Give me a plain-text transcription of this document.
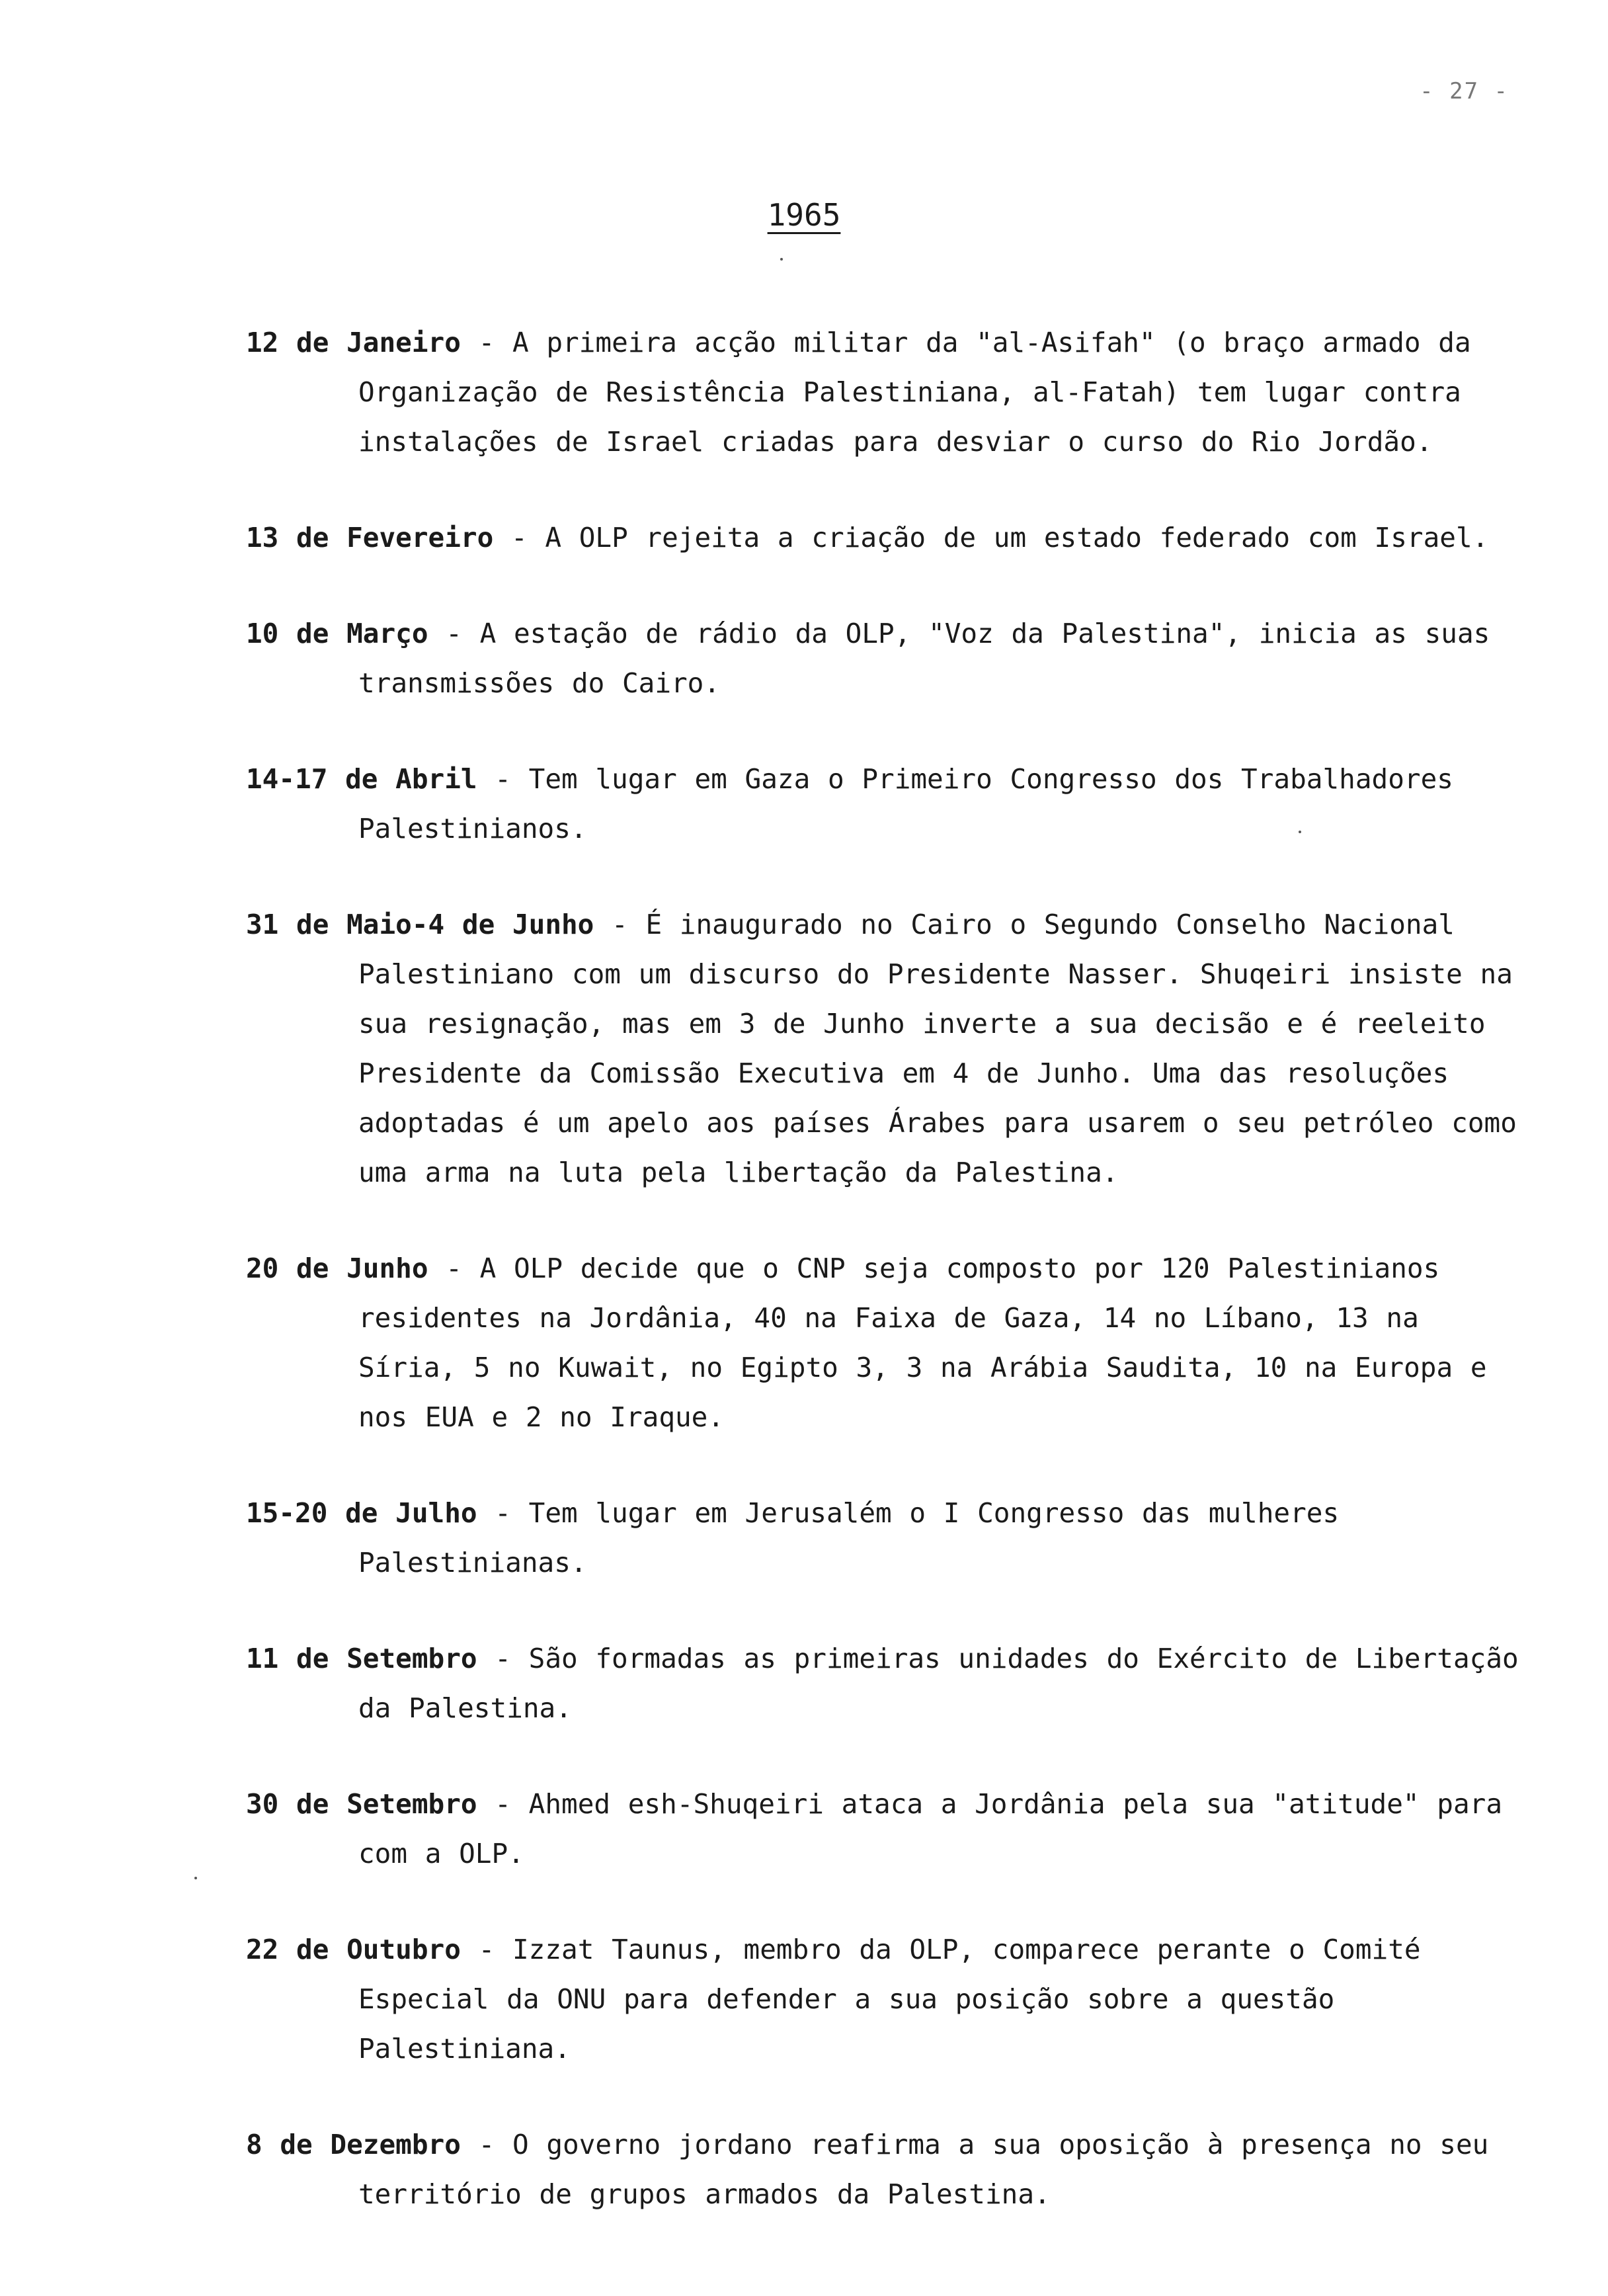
- 27 -
1965

12 de Janeiro - A primeira acção militar da "al-Asifah" (o braço armado da Organização de Resistência Palestiniana, al-Fatah) tem lugar contra instalações de Israel criadas para desviar o curso do Rio Jordão.

13 de Fevereiro - A OLP rejeita a criação de um estado federado com Israel.

10 de Março - A estação de rádio da OLP, "Voz da Palestina", inicia as suas transmissões do Cairo.

14-17 de Abril - Tem lugar em Gaza o Primeiro Congresso dos Trabalhadores Palestinianos.

31 de Maio-4 de Junho - É inaugurado no Cairo o Segundo Conselho Nacional Palestiniano com um discurso do Presidente Nasser. Shuqeiri insiste na sua resignação, mas em 3 de Junho inverte a sua decisão e é reeleito Presidente da Comissão Executiva em 4 de Junho. Uma das resoluções adoptadas é um apelo aos países Árabes para usarem o seu petróleo como uma arma na luta pela libertação da Palestina.

20 de Junho - A OLP decide que o CNP seja composto por 120 Palestinianos residentes na Jordânia, 40 na Faixa de Gaza, 14 no Líbano, 13 na Síria, 5 no Kuwait, no Egipto 3, 3 na Arábia Saudita, 10 na Europa e nos EUA e 2 no Iraque.

15-20 de Julho - Tem lugar em Jerusalém o I Congresso das mulheres Palestinianas.

11 de Setembro - São formadas as primeiras unidades do Exército de Libertação da Palestina.

30 de Setembro - Ahmed esh-Shuqeiri ataca a Jordânia pela sua "atitude" para com a OLP.

22 de Outubro - Izzat Taunus, membro da OLP, comparece perante o Comité Especial da ONU para defender a sua posição sobre a questão Palestiniana.

8 de Dezembro - O governo jordano reafirma a sua oposição à presença no seu território de grupos armados da Palestina.
